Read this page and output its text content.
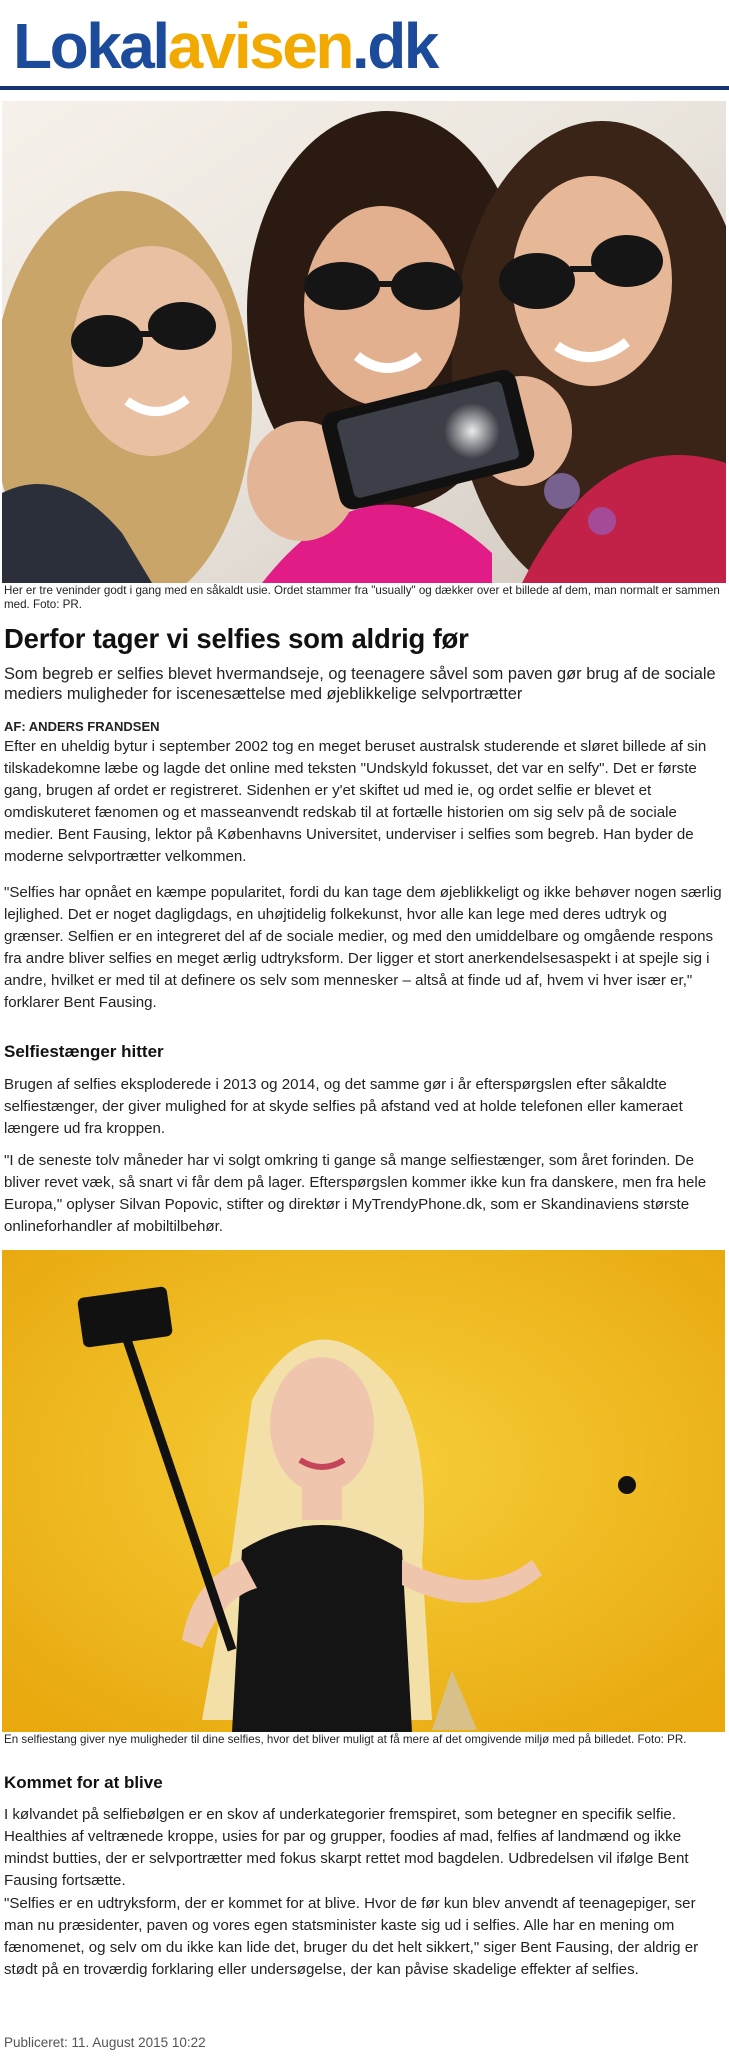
Lokalavisen.dk
Her er tre veninder godt i gang med en såkaldt usie. Ordet stammer fra "usually" og dækker over et billede af dem, man normalt er sammen med. Foto: PR.
Derfor tager vi selfies som aldrig før
Som begreb er selfies blevet hvermandseje, og teenagere såvel som paven gør brug af de sociale mediers muligheder for iscenesættelse med øjeblikkelige selvportrætter
AF: ANDERS FRANDSEN
Efter en uheldig bytur i september 2002 tog en meget beruset australsk studerende et sløret billede af sin tilskadekomne læbe og lagde det online med teksten "Undskyld fokusset, det var en selfy". Det er første gang, brugen af ordet er registreret. Sidenhen er y'et skiftet ud med ie, og ordet selfie er blevet et omdiskuteret fænomen og et masseanvendt redskab til at fortælle historien om sig selv på de sociale medier. Bent Fausing, lektor på Københavns Universitet, underviser i selfies som begreb. Han byder de moderne selvportrætter velkommen.
"Selfies har opnået en kæmpe popularitet, fordi du kan tage dem øjeblikkeligt og ikke behøver nogen særlig lejlighed. Det er noget dagligdags, en uhøjtidelig folkekunst, hvor alle kan lege med deres udtryk og grænser. Selfien er en integreret del af de sociale medier, og med den umiddelbare og omgående respons fra andre bliver selfies en meget ærlig udtryksform. Der ligger et stort anerkendelsesaspekt i at spejle sig i andre, hvilket er med til at definere os selv som mennesker – altså at finde ud af, hvem vi hver især er," forklarer Bent Fausing.
Selfiestænger hitter
Brugen af selfies eksploderede i 2013 og 2014, og det samme gør i år efterspørgslen efter såkaldte selfiestænger, der giver mulighed for at skyde selfies på afstand ved at holde telefonen eller kameraet længere ud fra kroppen.
"I de seneste tolv måneder har vi solgt omkring ti gange så mange selfiestænger, som året forinden. De bliver revet væk, så snart vi får dem på lager. Efterspørgslen kommer ikke kun fra danskere, men fra hele Europa," oplyser Silvan Popovic, stifter og direktør i MyTrendyPhone.dk, som er Skandinaviens største onlineforhandler af mobiltilbehør.
En selfiestang giver nye muligheder til dine selfies, hvor det bliver muligt at få mere af det omgivende miljø med på billedet. Foto: PR.
Kommet for at blive
I kølvandet på selfiebølgen er en skov af underkategorier fremspiret, som betegner en specifik selfie. Healthies af veltrænede kroppe, usies for par og grupper, foodies af mad, felfies af landmænd og ikke mindst butties, der er selvportrætter med fokus skarpt rettet mod bagdelen. Udbredelsen vil ifølge Bent Fausing fortsætte.
"Selfies er en udtryksform, der er kommet for at blive. Hvor de før kun blev anvendt af teenagepiger, ser man nu præsidenter, paven og vores egen statsminister kaste sig ud i selfies. Alle har en mening om fænomenet, og selv om du ikke kan lide det, bruger du det helt sikkert," siger Bent Fausing, der aldrig er stødt på en troværdig forklaring eller undersøgelse, der kan påvise skadelige effekter af selfies.
Publiceret: 11. August 2015 10:22
